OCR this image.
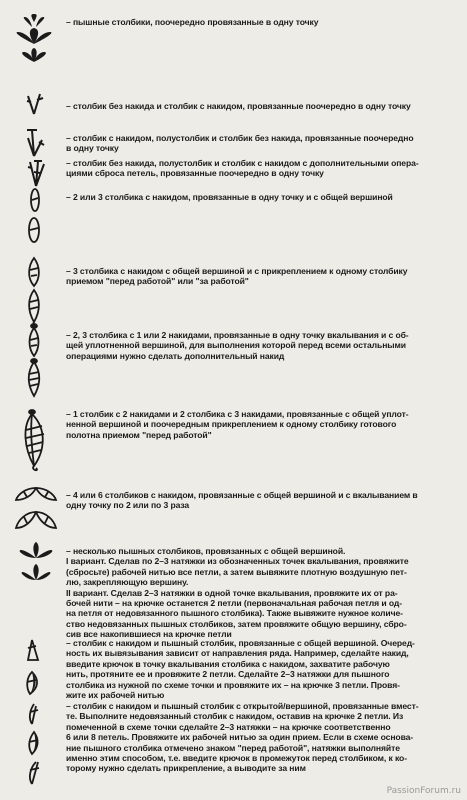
– пышные столбики, поочередно провязанные в одну точку
– столбик без накида и столбик с накидом, провязанные поочередно в одну точку
– столбик с накидом, полустолбик и столбик без накида, провязанные поочередно
в одну точку
– столбик без накида, полустолбик и столбик с накидом с дополнительными опера-
циями сброса петель, провязанные поочередно в одну точку
– 2 или 3 столбика с накидом, провязанные в одну точку и с общей вершиной
– 3 столбика с накидом с общей вершиной и с прикреплением к одному столбику
приемом "перед работой" или "за работой"
– 2, 3 столбика с 1 или 2 накидами, провязанные в одну точку вкалывания и с об-
щей уплотненной вершиной, для выполнения которой перед всеми остальными
операциями нужно сделать дополнительный накид
– 1 столбик с 2 накидами и 2 столбика с 3 накидами, провязанные с общей уплот-
ненной вершиной и поочередным прикреплением к одному столбику готового
полотна приемом "перед работой"
– 4 или 6 столбиков с накидом, провязанные с общей вершиной и с вкалыванием в
одну точку по 2 или по 3 раза
– несколько пышных столбиков, провязанных с общей вершиной.
I вариант. Сделав по 2–3 натяжки из обозначенных точек вкалывания, провяжите
(сбросьте) рабочей нитью все петли, а затем вывяжите плотную воздушную пет-
лю, закрепляющую вершину.
II вариант. Сделав 2–3 натяжки в одной точке вкалывания, провяжите их от ра-
бочей нити – на крючке останется 2 петли (первоначальная рабочая петля и од-
на петля от недовязанного пышного столбика). Также вывяжите нужное количе-
ство недовязанных пышных столбиков, затем провяжите общую вершину, сбро-
сив все накопившиеся на крючке петли
– столбик с накидом и пышный столбик, провязанные с общей вершиной. Очеред-
ность их вывязывания зависит от направления ряда. Например, сделайте накид,
введите крючок в точку вкалывания столбика с накидом, захватите рабочую
нить, протяните ее и провяжите 2 петли. Сделайте 2–3 натяжки для пышного
столбика из нужной по схеме точки и провяжите их – на крючке 3 петли. Провя-
жите их рабочей нитью
– столбик с накидом и пышный столбик с открытой/вершиной, провязанные вмест-
те. Выполните недовязанный столбик с накидом, оставив на крючке 2 петли. Из
помеченной в схеме точки сделайте 2–3 натяжки – на крючке соответственно
6 или 8 петель. Провяжите их рабочей нитью за один прием. Если в схеме основа-
ние пышного столбика отмечено знаком "перед работой", натяжки выполняйте
именно этим способом, т.е. введите крючок в промежуток перед столбиком, к ко-
торому нужно сделать прикрепление, а выводите за ним
PassionForum.ru
